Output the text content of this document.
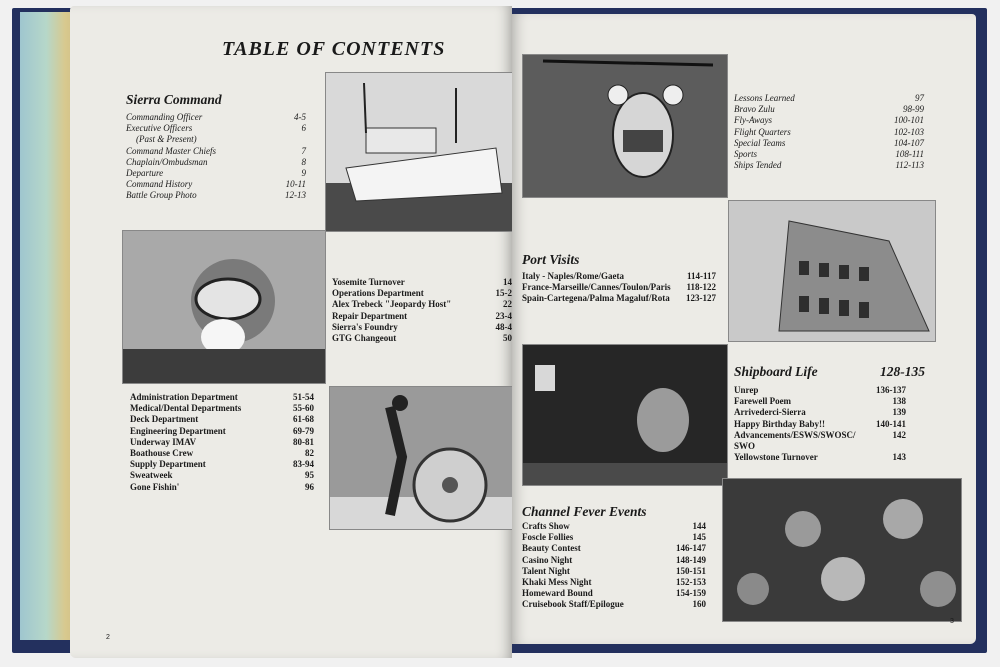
TABLE OF CONTENTS
Sierra Command
Commanding Officer	4-5
Executive Officers	6
(Past & Present)
Command Master Chiefs	7
Chaplain/Ombudsman	8
Departure	9
Command History	10-11
Battle Group Photo	12-13
Yosemite Turnover	14
Operations Department	15-2
Alex Trebeck "Jeopardy Host"	22
Repair Department	23-4
Sierra's Foundry	48-4
GTG Changeout	50
Administration Department	51-54
Medical/Dental Departments	55-60
Deck Department	61-68
Engineering Department	69-79
Underway IMAV	80-81
Boathouse Crew	82
Supply Department	83-94
Sweatweek	95
Gone Fishin'	96
2
Lessons Learned	97
Bravo Zulu	98-99
Fly-Aways	100-101
Flight Quarters	102-103
Special Teams	104-107
Sports	108-111
Ships Tended	112-113
Port Visits
Italy - Naples/Rome/Gaeta	114-117
France-Marseille/Cannes/Toulon/Paris 118-122
Spain-Cartegena/Palma Magaluf/Rota 123-127
Shipboard Life	128-135
Unrep	136-137
Farewell Poem	138
Arrivederci-Sierra	139
Happy Birthday Baby!!	140-141
Advancements/ESWS/SWOSC/	142
SWO
Yellowstone Turnover	143
Channel Fever Events
Crafts Show	144
Foscle Follies	145
Beauty Contest	146-147
Casino Night	148-149
Talent Night	150-151
Khaki Mess Night	152-153
Homeward Bound	154-159
Cruisebook Staff/Epilogue	160
3
